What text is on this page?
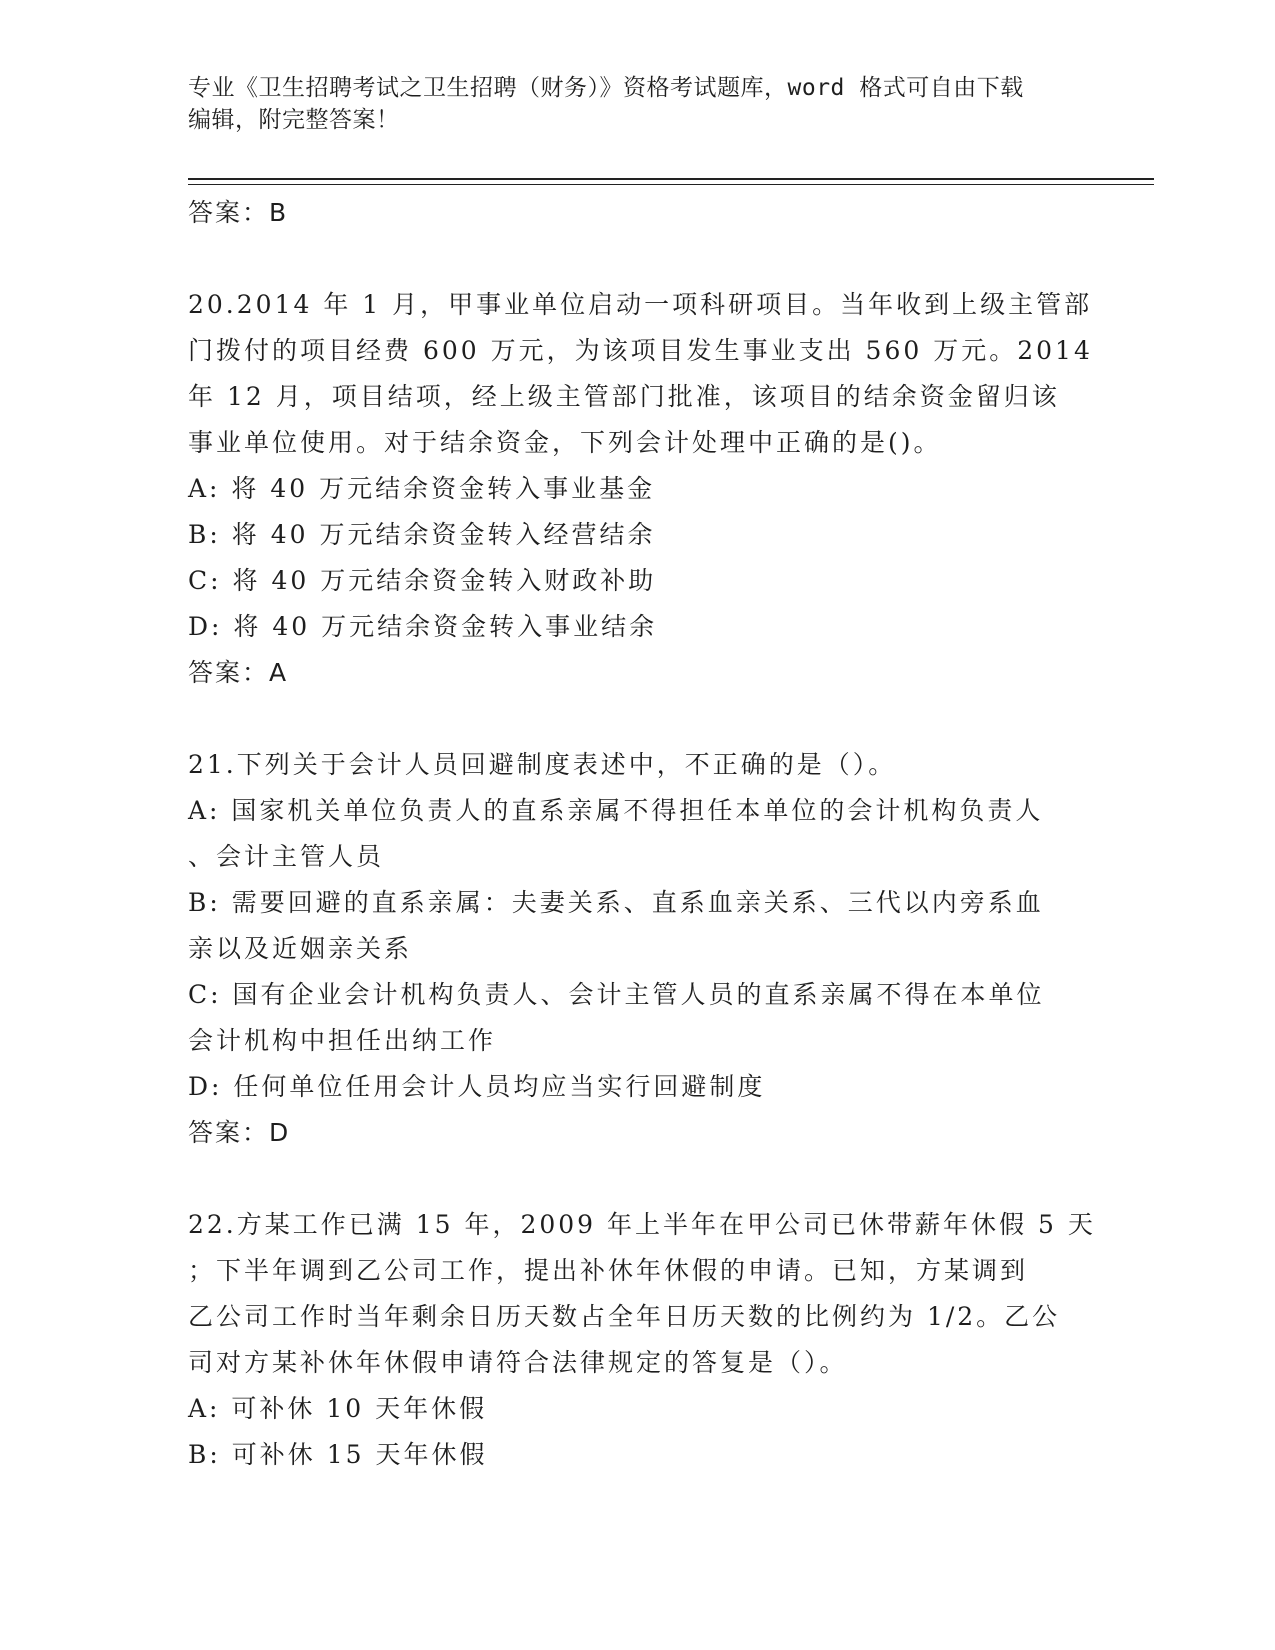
专业《卫生招聘考试之卫生招聘（财务）》资格考试题库，word 格式可自由下载
编辑，附完整答案！
答案：B
20.2014 年 1 月，甲事业单位启动一项科研项目。当年收到上级主管部
门拨付的项目经费 600 万元，为该项目发生事业支出 560 万元。2014
年 12 月，项目结项，经上级主管部门批准，该项目的结余资金留归该
事业单位使用。对于结余资金，下列会计处理中正确的是()。
A: 将 40 万元结余资金转入事业基金
B: 将 40 万元结余资金转入经营结余
C: 将 40 万元结余资金转入财政补助
D: 将 40 万元结余资金转入事业结余
答案：A
21.下列关于会计人员回避制度表述中，不正确的是（）。
A: 国家机关单位负责人的直系亲属不得担任本单位的会计机构负责人
、会计主管人员
B: 需要回避的直系亲属：夫妻关系、直系血亲关系、三代以内旁系血
亲以及近姻亲关系
C: 国有企业会计机构负责人、会计主管人员的直系亲属不得在本单位
会计机构中担任出纳工作
D: 任何单位任用会计人员均应当实行回避制度
答案：D
22.方某工作已满 15 年，2009 年上半年在甲公司已休带薪年休假 5 天
；下半年调到乙公司工作，提出补休年休假的申请。已知，方某调到
乙公司工作时当年剩余日历天数占全年日历天数的比例约为 1/2。乙公
司对方某补休年休假申请符合法律规定的答复是（）。
A: 可补休 10 天年休假
B: 可补休 15 天年休假
